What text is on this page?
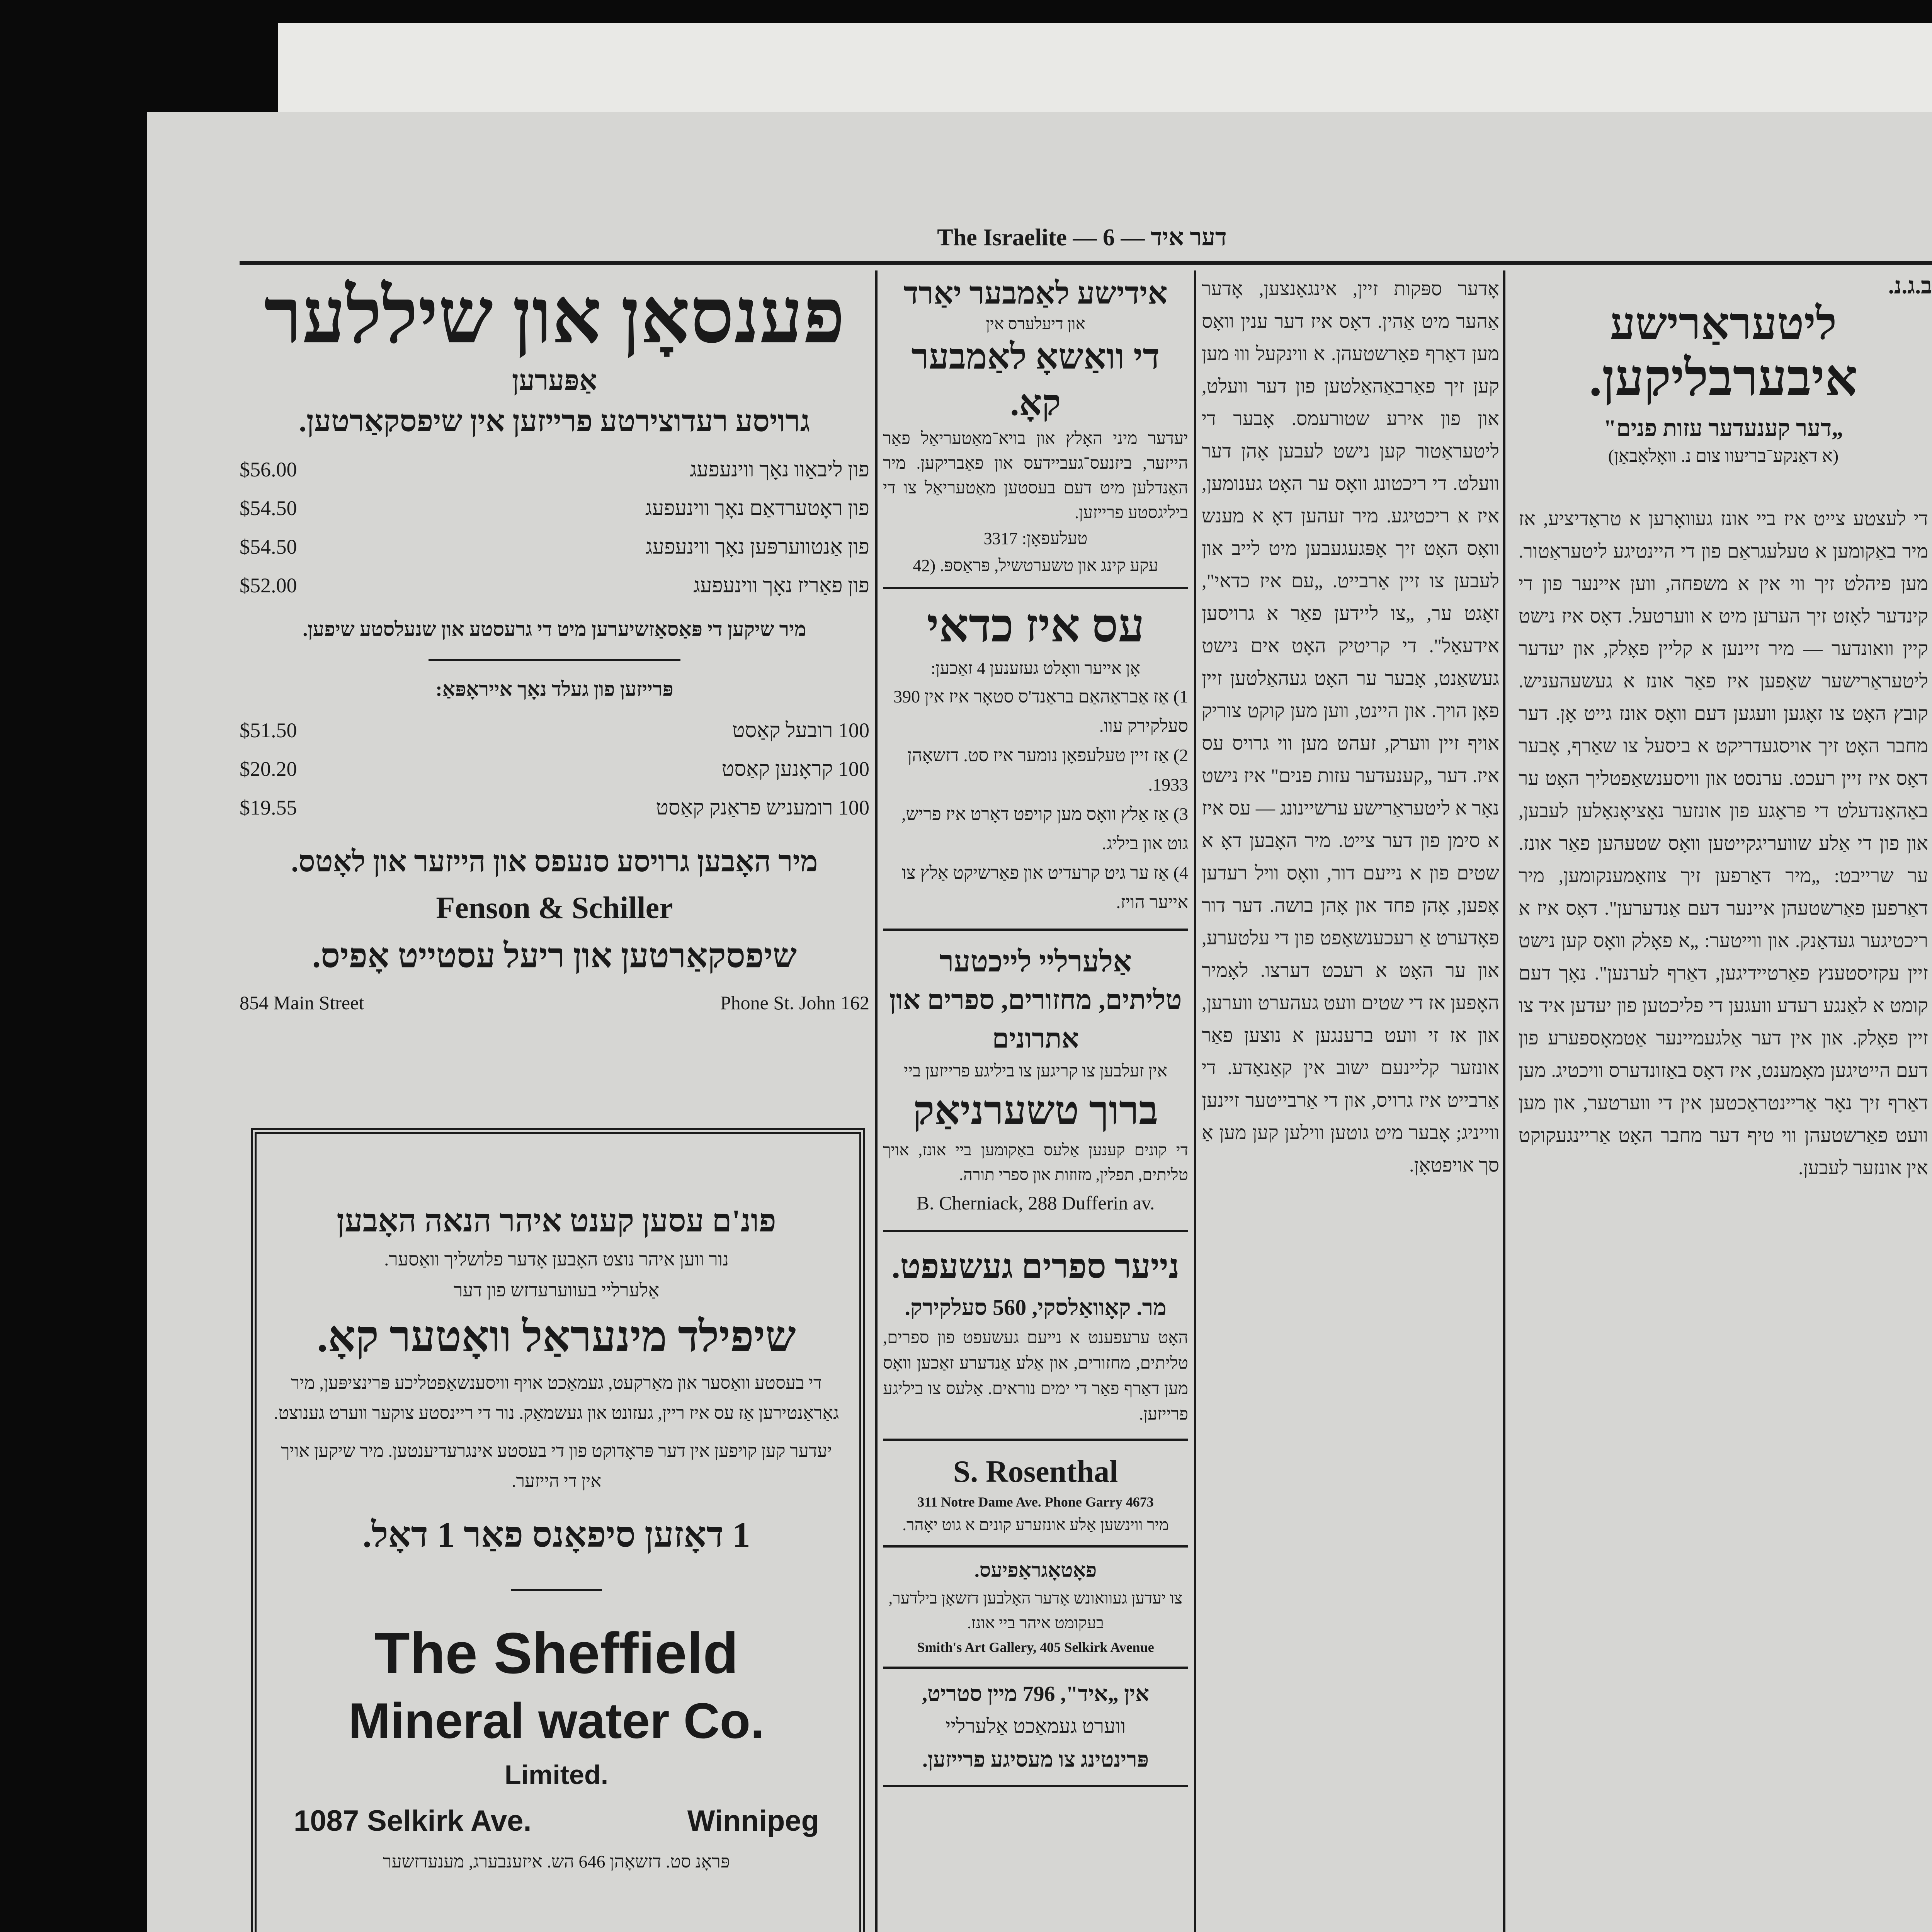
The Israelite — 6 — דער איד
ב.ג.נ.
ליטעראַרישע
איבערבליקען.
„דער קענעדער עזות פנים"
(א דאַנקע־בריעוו צום נ. וואָלאָבאַן)
די לעצטע צייט איז ביי אונז געוואָרען א טראַדיציע, אז מיר באַקומען א טעלעגראַם פון די היינטיגע ליטעראַטור. מען פיהלט זיך ווי אין א משפחה, ווען איינער פון די קינדער לאָזט זיך הערען מיט א ווערטעל. דאָס איז נישט קיין וואונדער — מיר זיינען א קליין פאָלק, און יעדער ליטעראַרישער שאַפען איז פאַר אונז א געשעהעניש. קובץ האָט צו זאָגען וועגען דעם וואָס אונז גייט אָן. דער מחבר האָט זיך אויסגעדריקט א ביסעל צו שאַרף, אָבער דאָס איז זיין רעכט. ערנסט און וויסענשאַפטליך האָט ער באַהאַנדעלט די פראַגע פון אונזער נאַציאָנאַלען לעבען, און פון די אַלע שוועריגקייטען וואָס שטעהען פאַר אונז. ער שרייבט: „מיר דאַרפען זיך צוזאַמענקומען, מיר דאַרפען פאַרשטעהן איינער דעם אַנדערען". דאָס איז א ריכטיגער געדאַנק. און ווייטער: „א פאָלק וואָס קען נישט זיין עקזיסטענץ פאַרטיידיגען, דאַרף לערנען". נאָך דעם קומט א לאַנגע רעדע וועגען די פליכטען פון יעדען איד צו זיין פאָלק. און אין דער אַלגעמיינער אַטמאָספערע פון דעם הייטיגען מאָמענט, איז דאָס באַזונדערס וויכטיג. מען דאַרף זיך נאָר אַריינטראַכטען אין די ווערטער, און מען וועט פאַרשטעהן ווי טיף דער מחבר האָט אַריינגעקוקט אין אונזער לעבען.
אָדער ספּקות זיין, אינגאַנצען, אָדער אַהער מיט אַהין. דאָס איז דער ענין וואָס מען דאַרף פאַרשטעהן. א ווינקעל וווּ מען קען זיך פאַרבאַהאַלטען פון דער וועלט, און פון אירע שטורעמס. אָבער די ליטעראַטור קען נישט לעבען אָהן דער וועלט. די ריכטונג וואָס ער האָט גענומען, איז א ריכטיגע. מיר זעהען דאָ א מענש וואָס האָט זיך אָפּגעגעבען מיט לייב און לעבען צו זיין אַרבייט. „עם איז כדאי", זאָגט ער, „צו ליידען פאַר א גרויסען אידעאַל". די קריטיק האָט אים נישט געשאַנט, אָבער ער האָט געהאַלטען זיין פאָן הויך. און היינט, ווען מען קוקט צוריק אויף זיין ווערק, זעהט מען ווי גרויס עס איז. דער „קענעדער עזות פנים" איז נישט נאָר א ליטעראַרישע ערשיינונג — עס איז א סימן פון דער צייט. מיר האָבען דאָ א שטים פון א נייעם דור, וואָס וויל רעדען אָפען, אָהן פחד און אָהן בושה. דער דור פאָדערט אַ רעכענשאַפט פון די עלטערע, און ער האָט א רעכט דערצו. לאָמיר האָפען אז די שטים וועט געהערט ווערען, און אז זי וועט ברענגען א נוצען פאַר אונזער קליינעם ישוב אין קאַנאַדע. די אַרבייט איז גרויס, און די אַרבייטער זיינען ווייניג; אָבער מיט גוטען ווילען קען מען אַ סך אויפטאָן.
אידישע לאַמבער יאַרד
און דיעלערס אין
די וואַשאָ לאַמבער קאָ.
יעדער מיני האָלץ און בויא־מאַטעריאַל פאַר הייזער, ביזנעס־געביידעס און פאַבריקען. מיר האַנדלען מיט דעם בעסטען מאַטעריאַל צו די ביליגסטע פרייזען.
טעלעפאָן: 3317
עקע קינג און טשערטשיל, פּראַספּ. (42
עס איז כדאי
אָן אייער וואָלט געזענען 4 זאַכען:
1) אַז אַבראַהאַם בראַנד'ס סטאָר איז אין 390 סעלקירק עוו.
2) אַז זיין טעלעפאָן נומער איז סט. דזשאָהן 1933.
3) אַז אַלץ וואָס מען קויפט דאָרט איז פריש, גוט און ביליג.
4) אַז ער גיט קרעדיט און פאַרשיקט אַלץ צו אייער הויז.
אַלערליי לייכטער
טליתים, מחזורים, ספרים און אתרונים
אין זעלבען צו קריגען צו ביליגע פרייזען ביי
ברוך טשערניאַק
די קונים קענען אַלעס באַקומען ביי אונז, אויך טליתים, תפלין, מזוזות און ספרי תורה.
B. Cherniack, 288 Dufferin av.
נייער ספרים געשעפט.
מר. קאָוואַלסקי, 560 סעלקירק.
האָט ערעפענט א נייעם געשעפט פון ספרים, טליתים, מחזורים, און אַלע אַנדערע זאַכען וואָס מען דאַרף פאַר די ימים נוראים. אַלעס צו ביליגע פרייזען.
S. Rosenthal
311 Notre Dame Ave. Phone Garry 4673
מיר ווינשען אַלע אונזערע קונים א גוט יאָהר.
פאָטאָגראַפיעס.
צו יעדען געוואונש אָדער האָלבען דזשאָן בילדער, בעקומט איהר ביי אונז.
Smith's Art Gallery, 405 Selkirk Avenue
אין „איד", 796 מיין סטריט,
ווערט געמאַכט אַלערליי
פּרינטינג צו מעסיגע פרייזען.
פענסאָן און שיללער
אַפּערען
גרויסע רעדוצירטע פרייזען אין שיפסקאַרטען.
פון ליבאַוו נאָך ווינעפעג
$56.00
פון ראָטערדאַם נאָך ווינעפעג
$54.50
פון אַנטווערפּען נאָך ווינעפעג
$54.50
פון פאַריז נאָך ווינעפעג
$52.00
מיר שיקען די פּאַסאַזשיערען מיט די גרעסטע און שנעלסטע שיפען.
פּרייזען פון געלד נאָך אייראָפּאַ:
100 רובעל קאַסט
$51.50
100 קראָנען קאַסט
$20.20
100 רומעניש פראַנק קאַסט
$19.55
מיר האָבען גרויסע סנעפס און הייזער און לאָטס.
Fenson & Schiller
שיפסקאַרטען און ריעל עסטייט אָפיס.
854 Main Street	Phone St. John 162
פונ'ם עסען קענט איהר הנאה האָבען
נור ווען איהר נוצט האָבען אָדער פלושליך וואַסער.
אַלערליי בעווערעדזש פון דער
שיפילד מינעראַל וואָטער קאָ.
די בעסטע וואַסער און מאַרקעט, געמאַכט אויף וויסענשאַפטליכע פּרינציפּען, מיר גאַראַנטירען אַז עס איז ריין, געזונט און געשמאַק. נור די ריינסטע צוקער ווערט גענוצט.
יעדער קען קויפען אין דער פּראָדוקט פון די בעסטע אינגרעדיענטען. מיר שיקען אויך אין די הייזער.
1 דאָזען סיפאָנס פאַר 1 דאָל.
The Sheffield
Mineral water Co.
Limited.
1087 Selkirk Ave.	Winnipeg
פּראָנ סט. דזשאָהן 646 הש. איזענבערג, מענעדזשער
